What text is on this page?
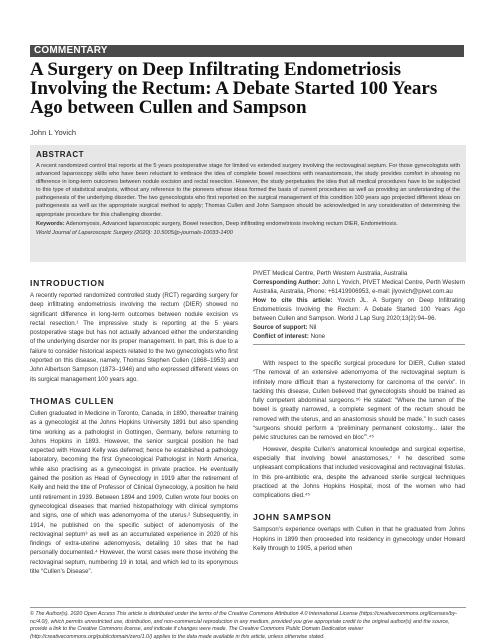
COMMENTARY
A Surgery on Deep Infiltrating Endometriosis Involving the Rectum: A Debate Started 100 Years Ago between Cullen and Sampson
John L Yovich
ABSTRACT

A recent randomized control trial reports at the 5 years postoperative stage for limited vs extended surgery involving the rectovaginal septum. For those gynecologists with advanced laparoscopy skills who have been reluctant to embrace the idea of complete bowel resections with reanastomosis, the study provides comfort in showing no difference in long-term outcomes between nodule excision and rectal resection. However, the study perpetuates the idea that all medical procedures have to be subjected to this type of statistical analysis, without any reference to the pioneers whose ideas formed the basis of current procedures as well as providing an understanding of the pathogenesis of the underlying disorder. The two gynecologists who first reported on the surgical management of this condition 100 years ago projected different ideas on pathogenesis as well as the appropriate surgical method to apply; Thomas Cullen and John Sampson should be acknowledged in any consideration of determining the appropriate procedure for this challenging disorder.

Keywords: Adenomyosis, Advanced laparoscopic surgery, Bowel resection, Deep infiltrating endometriosis involving rectum DIER, Endometriosis.

World Journal of Laparoscopic Surgery (2020): 10.5005/jp-journals-10033-1400

INTRODUCTION

A recently reported randomized controlled study (RCT) regarding surgery for deep infiltrating endometriosis involving the rectum (DIER) showed no significant difference in long-term outcomes between nodule excision vs rectal resection.¹ The impressive study is reporting at the 5 years postoperative stage but has not actually advanced either the understanding of the underlying disorder nor its proper management. In part, this is due to a failure to consider historical aspects related to the two gynecologists who first reported on this disease, namely, Thomas Stephen Cullen (1868–1953) and John Albertson Sampson (1873–1946) and who expressed different views on its surgical management 100 years ago.

THOMAS CULLEN

Cullen graduated in Medicine in Toronto, Canada, in 1890, thereafter training as a gynecologist at the Johns Hopkins University 1891 but also spending time working as a pathologist in Gottingen, Germany, before returning to Johns Hopkins in 1893. However, the senior surgical position he had expected with Howard Kelly was deferred; hence he established a pathology laboratory, becoming the first Gynecological Pathologist in North America, while also practising as a gynecologist in private practice. He eventually gained the position as Head of Gynecology in 1919 after the retirement of Kelly and held the title of Professor of Clinical Gynecology, a position he held until retirement in 1939. Between 1894 and 1909, Cullen wrote four books on gynecological diseases that married histopathology with clinical symptoms and signs, one of which was adenomyoma of the uterus.² Subsequently, in 1914, he published on the specific subject of adenomyosis of the rectovaginal septum³ as well as an accumulated experience in 2020 of his findings of extra-uterine adenomyosis, detailing 10 sites that he had personally documented.⁴ However, the worst cases were those involving the rectovaginal septum, numbering 19 in total, and which led to its eponymous title “Cullen’s Disease”.

PIVET Medical Centre, Perth Western Australia, Australia

Corresponding Author: John L Yovich, PIVET Medical Centre, Perth Western Australia, Australia, Phone: +61419906953, e-mail: jlyovich@pivet.com.au

How to cite this article: Yovich JL. A Surgery on Deep Infiltrating Endometriosis Involving the Rectum: A Debate Started 100 Years Ago between Cullen and Sampson. World J Lap Surg 2020;13(2):94–96.

Source of support: Nil

Conflict of interest: None

With respect to the specific surgical procedure for DIER, Cullen stated “The removal of an extensive adenomyoma of the rectovaginal septum is infinitely more difficult than a hysterectomy for carcinoma of the cervix”. In tackling this disease, Cullen believed that gynecologists should be trained as fully competent abdominal surgeons.⁵⁶ He stated: “Where the lumen of the bowel is greatly narrowed, a complete segment of the rectum should be removed with the uterus, and an anastomosis should be made.” In such cases “surgeons should perform a ‘preliminary permanent colostomy... later the pelvic structures can be removed en bloc’”.⁴⁵

However, despite Cullen’s anatomical knowledge and surgical expertise, especially that involving bowel anastomoses,⁷ ⁸ he described some unpleasant complications that included vesicovaginal and rectovaginal fistulas. In this pre-antibiotic era, despite the advanced sterile surgical techniques practiced at the Johns Hopkins Hospital, most of the women who had complications died.⁴⁵

JOHN SAMPSON

Sampson’s experience overlaps with Cullen in that he graduated from Johns Hopkins in 1899 then proceeded into residency in gynecology under Howard Kelly through to 1905, a period when

© The Author(s). 2020 Open Access This article is distributed under the terms of the Creative Commons Attribution 4.0 International License (https://creativecommons.org/licenses/by-nc/4.0/), which permits unrestricted use, distribution, and non-commercial reproduction in any medium, provided you give appropriate credit to the original author(s) and the source, provide a link to the Creative Commons license, and indicate if changes were made. The Creative Commons Public Domain Dedication waiver (http://creativecommons.org/publicdomain/zero/1.0/) applies to the data made available in this article, unless otherwise stated.
